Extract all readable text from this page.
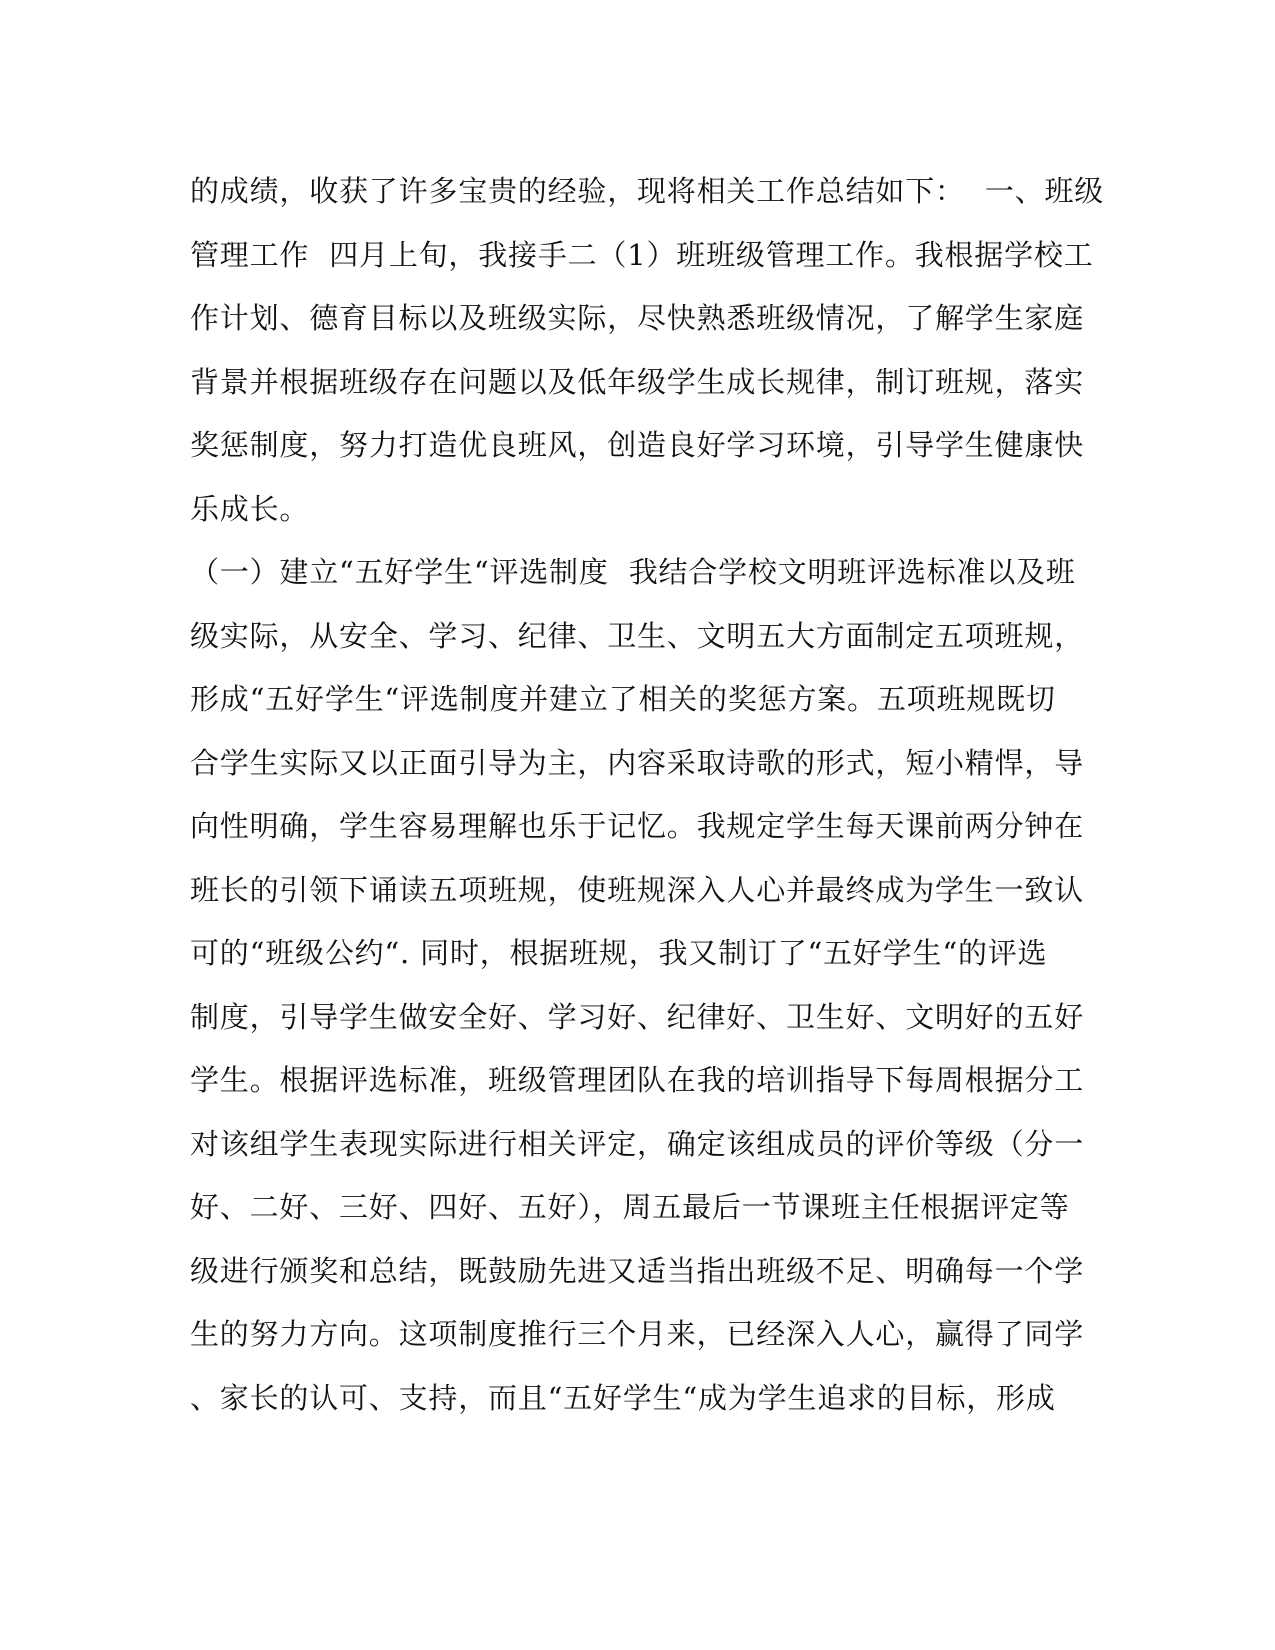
的成绩，收获了许多宝贵的经验，现将相关工作总结如下：  一、班级
管理工作  四月上旬，我接手二（1）班班级管理工作。我根据学校工
作计划、德育目标以及班级实际，尽快熟悉班级情况，了解学生家庭
背景并根据班级存在问题以及低年级学生成长规律，制订班规，落实
奖惩制度，努力打造优良班风，创造良好学习环境，引导学生健康快
乐成长。
（一）建立“五好学生“评选制度  我结合学校文明班评选标准以及班
级实际，从安全、学习、纪律、卫生、文明五大方面制定五项班规，
形成“五好学生“评选制度并建立了相关的奖惩方案。五项班规既切
合学生实际又以正面引导为主，内容采取诗歌的形式，短小精悍，导
向性明确，学生容易理解也乐于记忆。我规定学生每天课前两分钟在
班长的引领下诵读五项班规，使班规深入人心并最终成为学生一致认
可的“班级公约“. 同时，根据班规，我又制订了“五好学生“的评选
制度，引导学生做安全好、学习好、纪律好、卫生好、文明好的五好
学生。根据评选标准，班级管理团队在我的培训指导下每周根据分工
对该组学生表现实际进行相关评定，确定该组成员的评价等级（分一
好、二好、三好、四好、五好），周五最后一节课班主任根据评定等
级进行颁奖和总结，既鼓励先进又适当指出班级不足、明确每一个学
生的努力方向。这项制度推行三个月来，已经深入人心，赢得了同学
、家长的认可、支持，而且“五好学生“成为学生追求的目标，形成
